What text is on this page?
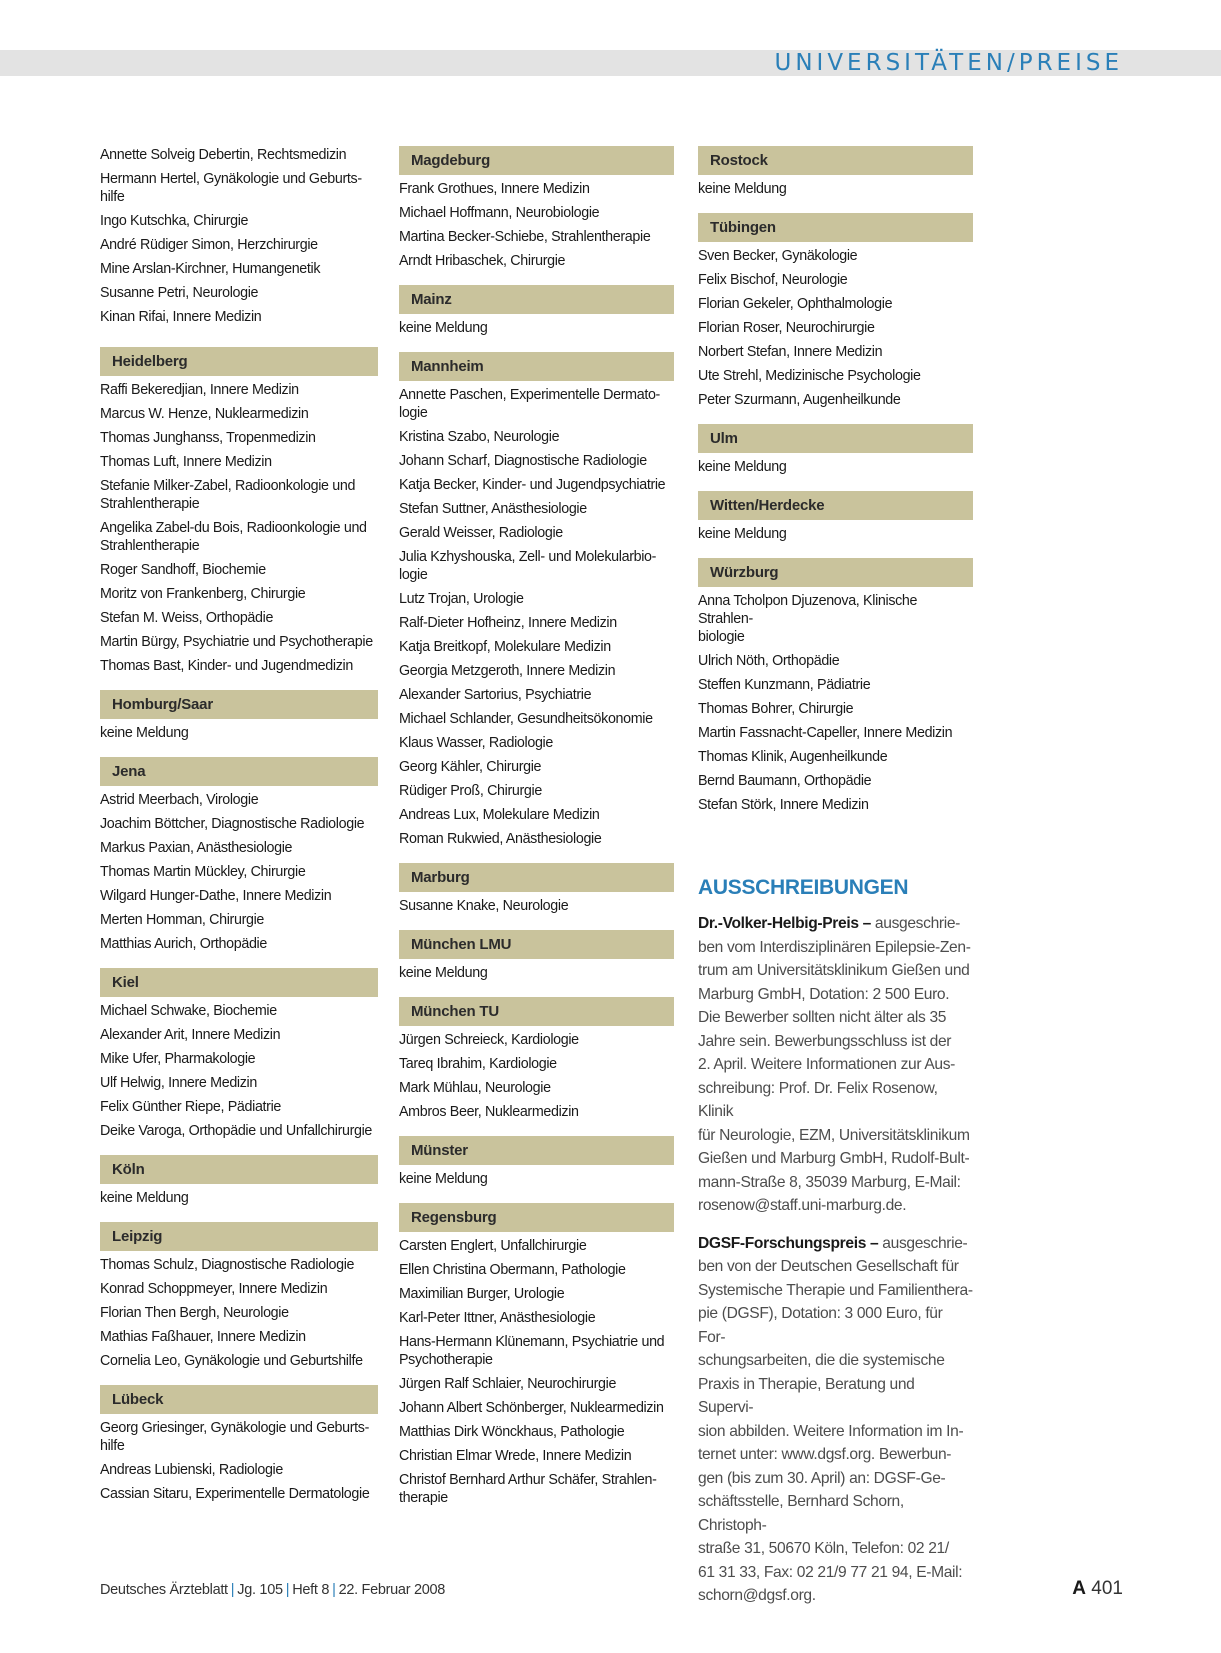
UNIVERSITÄTEN/PREISE
Annette Solveig Debertin, Rechtsmedizin
Hermann Hertel, Gynäkologie und Geburts-
hilfe
Ingo Kutschka, Chirurgie
André Rüdiger Simon, Herzchirurgie
Mine Arslan-Kirchner, Humangenetik
Susanne Petri, Neurologie
Kinan Rifai, Innere Medizin
Heidelberg
Raffi Bekeredjian, Innere Medizin
Marcus W. Henze, Nuklearmedizin
Thomas Junghanss, Tropenmedizin
Thomas Luft, Innere Medizin
Stefanie Milker-Zabel, Radioonkologie und
Strahlentherapie
Angelika Zabel-du Bois, Radioonkologie und
Strahlentherapie
Roger Sandhoff, Biochemie
Moritz von Frankenberg, Chirurgie
Stefan M. Weiss, Orthopädie
Martin Bürgy, Psychiatrie und Psychotherapie
Thomas Bast, Kinder- und Jugendmedizin
Homburg/Saar
keine Meldung
Jena
Astrid Meerbach, Virologie
Joachim Böttcher, Diagnostische Radiologie
Markus Paxian, Anästhesiologie
Thomas Martin Mückley, Chirurgie
Wilgard Hunger-Dathe, Innere Medizin
Merten Homman, Chirurgie
Matthias Aurich, Orthopädie
Kiel
Michael Schwake, Biochemie
Alexander Arit, Innere Medizin
Mike Ufer, Pharmakologie
Ulf Helwig, Innere Medizin
Felix Günther Riepe, Pädiatrie
Deike Varoga, Orthopädie und Unfallchirurgie
Köln
keine Meldung
Leipzig
Thomas Schulz, Diagnostische Radiologie
Konrad Schoppmeyer, Innere Medizin
Florian Then Bergh, Neurologie
Mathias Faßhauer, Innere Medizin
Cornelia Leo, Gynäkologie und Geburtshilfe
Lübeck
Georg Griesinger, Gynäkologie und Geburts-
hilfe
Andreas Lubienski, Radiologie
Cassian Sitaru, Experimentelle Dermatologie
Magdeburg
Frank Grothues, Innere Medizin
Michael Hoffmann, Neurobiologie
Martina Becker-Schiebe, Strahlentherapie
Arndt Hribaschek, Chirurgie
Mainz
keine Meldung
Mannheim
Annette Paschen, Experimentelle Dermato-
logie
Kristina Szabo, Neurologie
Johann Scharf, Diagnostische Radiologie
Katja Becker, Kinder- und Jugendpsychiatrie
Stefan Suttner, Anästhesiologie
Gerald Weisser, Radiologie
Julia Kzhyshouska, Zell- und Molekularbio-
logie
Lutz Trojan, Urologie
Ralf-Dieter Hofheinz, Innere Medizin
Katja Breitkopf, Molekulare Medizin
Georgia Metzgeroth, Innere Medizin
Alexander Sartorius, Psychiatrie
Michael Schlander, Gesundheitsökonomie
Klaus Wasser, Radiologie
Georg Kähler, Chirurgie
Rüdiger Proß, Chirurgie
Andreas Lux, Molekulare Medizin
Roman Rukwied, Anästhesiologie
Marburg
Susanne Knake, Neurologie
München LMU
keine Meldung
München TU
Jürgen Schreieck, Kardiologie
Tareq Ibrahim, Kardiologie
Mark Mühlau, Neurologie
Ambros Beer, Nuklearmedizin
Münster
keine Meldung
Regensburg
Carsten Englert, Unfallchirurgie
Ellen Christina Obermann, Pathologie
Maximilian Burger, Urologie
Karl-Peter Ittner, Anästhesiologie
Hans-Hermann Klünemann, Psychiatrie und
Psychotherapie
Jürgen Ralf Schlaier, Neurochirurgie
Johann Albert Schönberger, Nuklearmedizin
Matthias Dirk Wönckhaus, Pathologie
Christian Elmar Wrede, Innere Medizin
Christof Bernhard Arthur Schäfer, Strahlen-
therapie
Rostock
keine Meldung
Tübingen
Sven Becker, Gynäkologie
Felix Bischof, Neurologie
Florian Gekeler, Ophthalmologie
Florian Roser, Neurochirurgie
Norbert Stefan, Innere Medizin
Ute Strehl, Medizinische Psychologie
Peter Szurmann, Augenheilkunde
Ulm
keine Meldung
Witten/Herdecke
keine Meldung
Würzburg
Anna Tcholpon Djuzenova, Klinische Strahlen-
biologie
Ulrich Nöth, Orthopädie
Steffen Kunzmann, Pädiatrie
Thomas Bohrer, Chirurgie
Martin Fassnacht-Capeller, Innere Medizin
Thomas Klinik, Augenheilkunde
Bernd Baumann, Orthopädie
Stefan Störk, Innere Medizin
AUSSCHREIBUNGEN
Dr.-Volker-Helbig-Preis – ausgeschrie-
ben vom Interdisziplinären Epilepsie-Zen-
trum am Universitätsklinikum Gießen und
Marburg GmbH, Dotation: 2 500 Euro.
Die Bewerber sollten nicht älter als 35
Jahre sein. Bewerbungsschluss ist der
2. April. Weitere Informationen zur Aus-
schreibung: Prof. Dr. Felix Rosenow, Klinik
für Neurologie, EZM, Universitätsklinikum
Gießen und Marburg GmbH, Rudolf-Bult-
mann-Straße 8, 35039 Marburg, E-Mail:
rosenow@staff.uni-marburg.de.
DGSF-Forschungspreis – ausgeschrie-
ben von der Deutschen Gesellschaft für
Systemische Therapie und Familienthera-
pie (DGSF), Dotation: 3 000 Euro, für For-
schungsarbeiten, die die systemische
Praxis in Therapie, Beratung und Supervi-
sion abbilden. Weitere Information im In-
ternet unter: www.dgsf.org. Bewerbun-
gen (bis zum 30. April) an: DGSF-Ge-
schäftsstelle, Bernhard Schorn, Christoph-
straße 31, 50670 Köln, Telefon: 02 21/
61 31 33, Fax: 02 21/9 77 21 94, E-Mail:
schorn@dgsf.org.
Deutsches Ärzteblatt | Jg. 105 | Heft 8 | 22. Februar 2008	A 401
